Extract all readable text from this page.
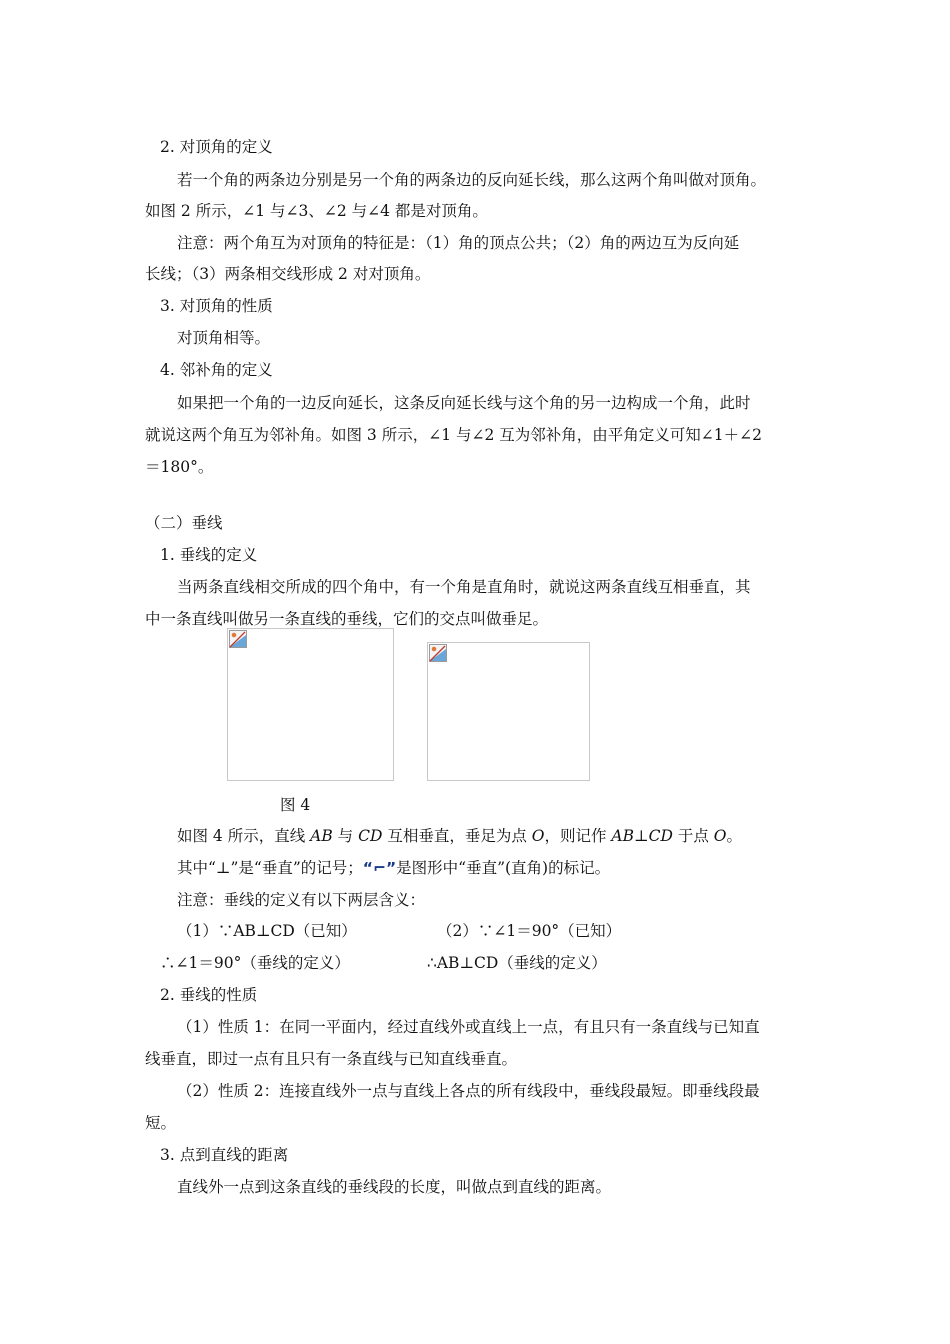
2. 对顶角的定义
若一个角的两条边分别是另一个角的两条边的反向延长线，那么这两个角叫做对顶角。
如图 2 所示，∠1 与∠3、∠2 与∠4 都是对顶角。
注意：两个角互为对顶角的特征是：（1）角的顶点公共；（2）角的两边互为反向延
长线；（3）两条相交线形成 2 对对顶角。
3. 对顶角的性质
对顶角相等。
4. 邻补角的定义
如果把一个角的一边反向延长，这条反向延长线与这个角的另一边构成一个角，此时
就说这两个角互为邻补角。如图 3 所示，∠1 与∠2 互为邻补角，由平角定义可知∠1＋∠2
＝180°。
（二）垂线
1. 垂线的定义
当两条直线相交所成的四个角中，有一个角是直角时，就说这两条直线互相垂直，其
中一条直线叫做另一条直线的垂线，它们的交点叫做垂足。
图 4
如图 4 所示，直线 AB 与 CD 互相垂直，垂足为点 O，则记作 AB⊥CD 于点 O。
其中“⊥”是“垂直”的记号；“⌐”是图形中“垂直”(直角)的标记。
注意：垂线的定义有以下两层含义：
（1）∵AB⊥CD（已知）	（2）∵∠1＝90°（已知）
∴∠1＝90°（垂线的定义）	∴AB⊥CD（垂线的定义）
2. 垂线的性质
（1）性质 1：在同一平面内，经过直线外或直线上一点，有且只有一条直线与已知直
线垂直，即过一点有且只有一条直线与已知直线垂直。
（2）性质 2：连接直线外一点与直线上各点的所有线段中，垂线段最短。即垂线段最
短。
3. 点到直线的距离
直线外一点到这条直线的垂线段的长度，叫做点到直线的距离。
